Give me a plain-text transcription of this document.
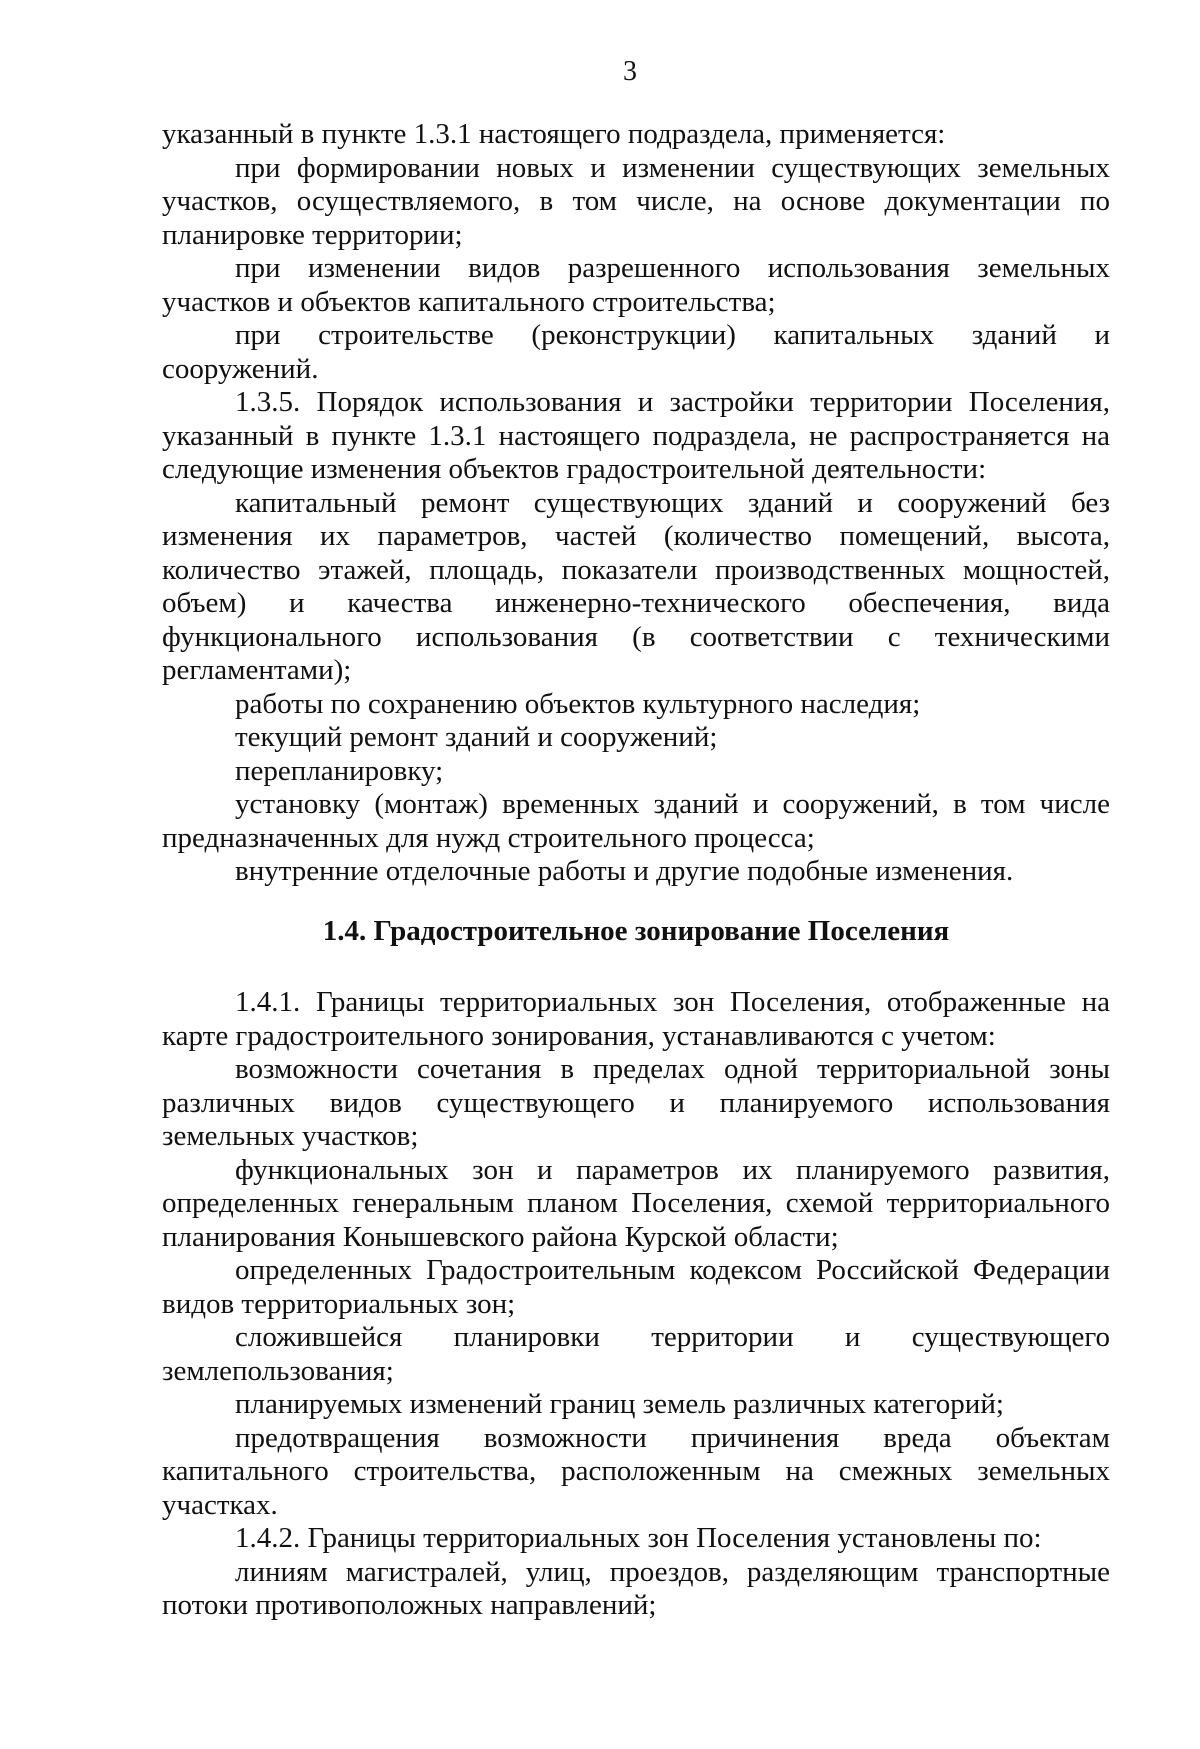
3

указанный в пункте 1.3.1 настоящего подраздела, применяется:

при формировании новых и изменении существующих земельных участков, осуществляемого, в том числе, на основе документации по планировке территории;

при изменении видов разрешенного использования земельных участков и объектов капитального строительства;

при строительстве (реконструкции) капитальных зданий и сооружений.

1.3.5. Порядок использования и застройки территории Поселения, указанный в пункте 1.3.1 настоящего подраздела, не распространяется на следующие изменения объектов градостроительной деятельности:

капитальный ремонт существующих зданий и сооружений без изменения их параметров, частей (количество помещений, высота, количество этажей, площадь, показатели производственных мощностей, объем) и качества инженерно-технического обеспечения, вида функционального использования (в соответствии с техническими регламентами);

работы по сохранению объектов культурного наследия;

текущий ремонт зданий и сооружений;

перепланировку;

установку (монтаж) временных зданий и сооружений, в том числе предназначенных для нужд строительного процесса;

внутренние отделочные работы и другие подобные изменения.

1.4. Градостроительное зонирование Поселения

1.4.1. Границы территориальных зон Поселения, отображенные на карте градостроительного зонирования, устанавливаются с учетом:

возможности сочетания в пределах одной территориальной зоны различных видов существующего и планируемого использования земельных участков;

функциональных зон и параметров их планируемого развития, определенных генеральным планом Поселения, схемой территориального планирования Конышевского района Курской области;

определенных Градостроительным кодексом Российской Федерации видов территориальных зон;

сложившейся планировки территории и существующего землепользования;

планируемых изменений границ земель различных категорий;

предотвращения возможности причинения вреда объектам капитального строительства, расположенным на смежных земельных участках.

1.4.2. Границы территориальных зон Поселения установлены по:

линиям магистралей, улиц, проездов, разделяющим транспортные потоки противоположных направлений;
